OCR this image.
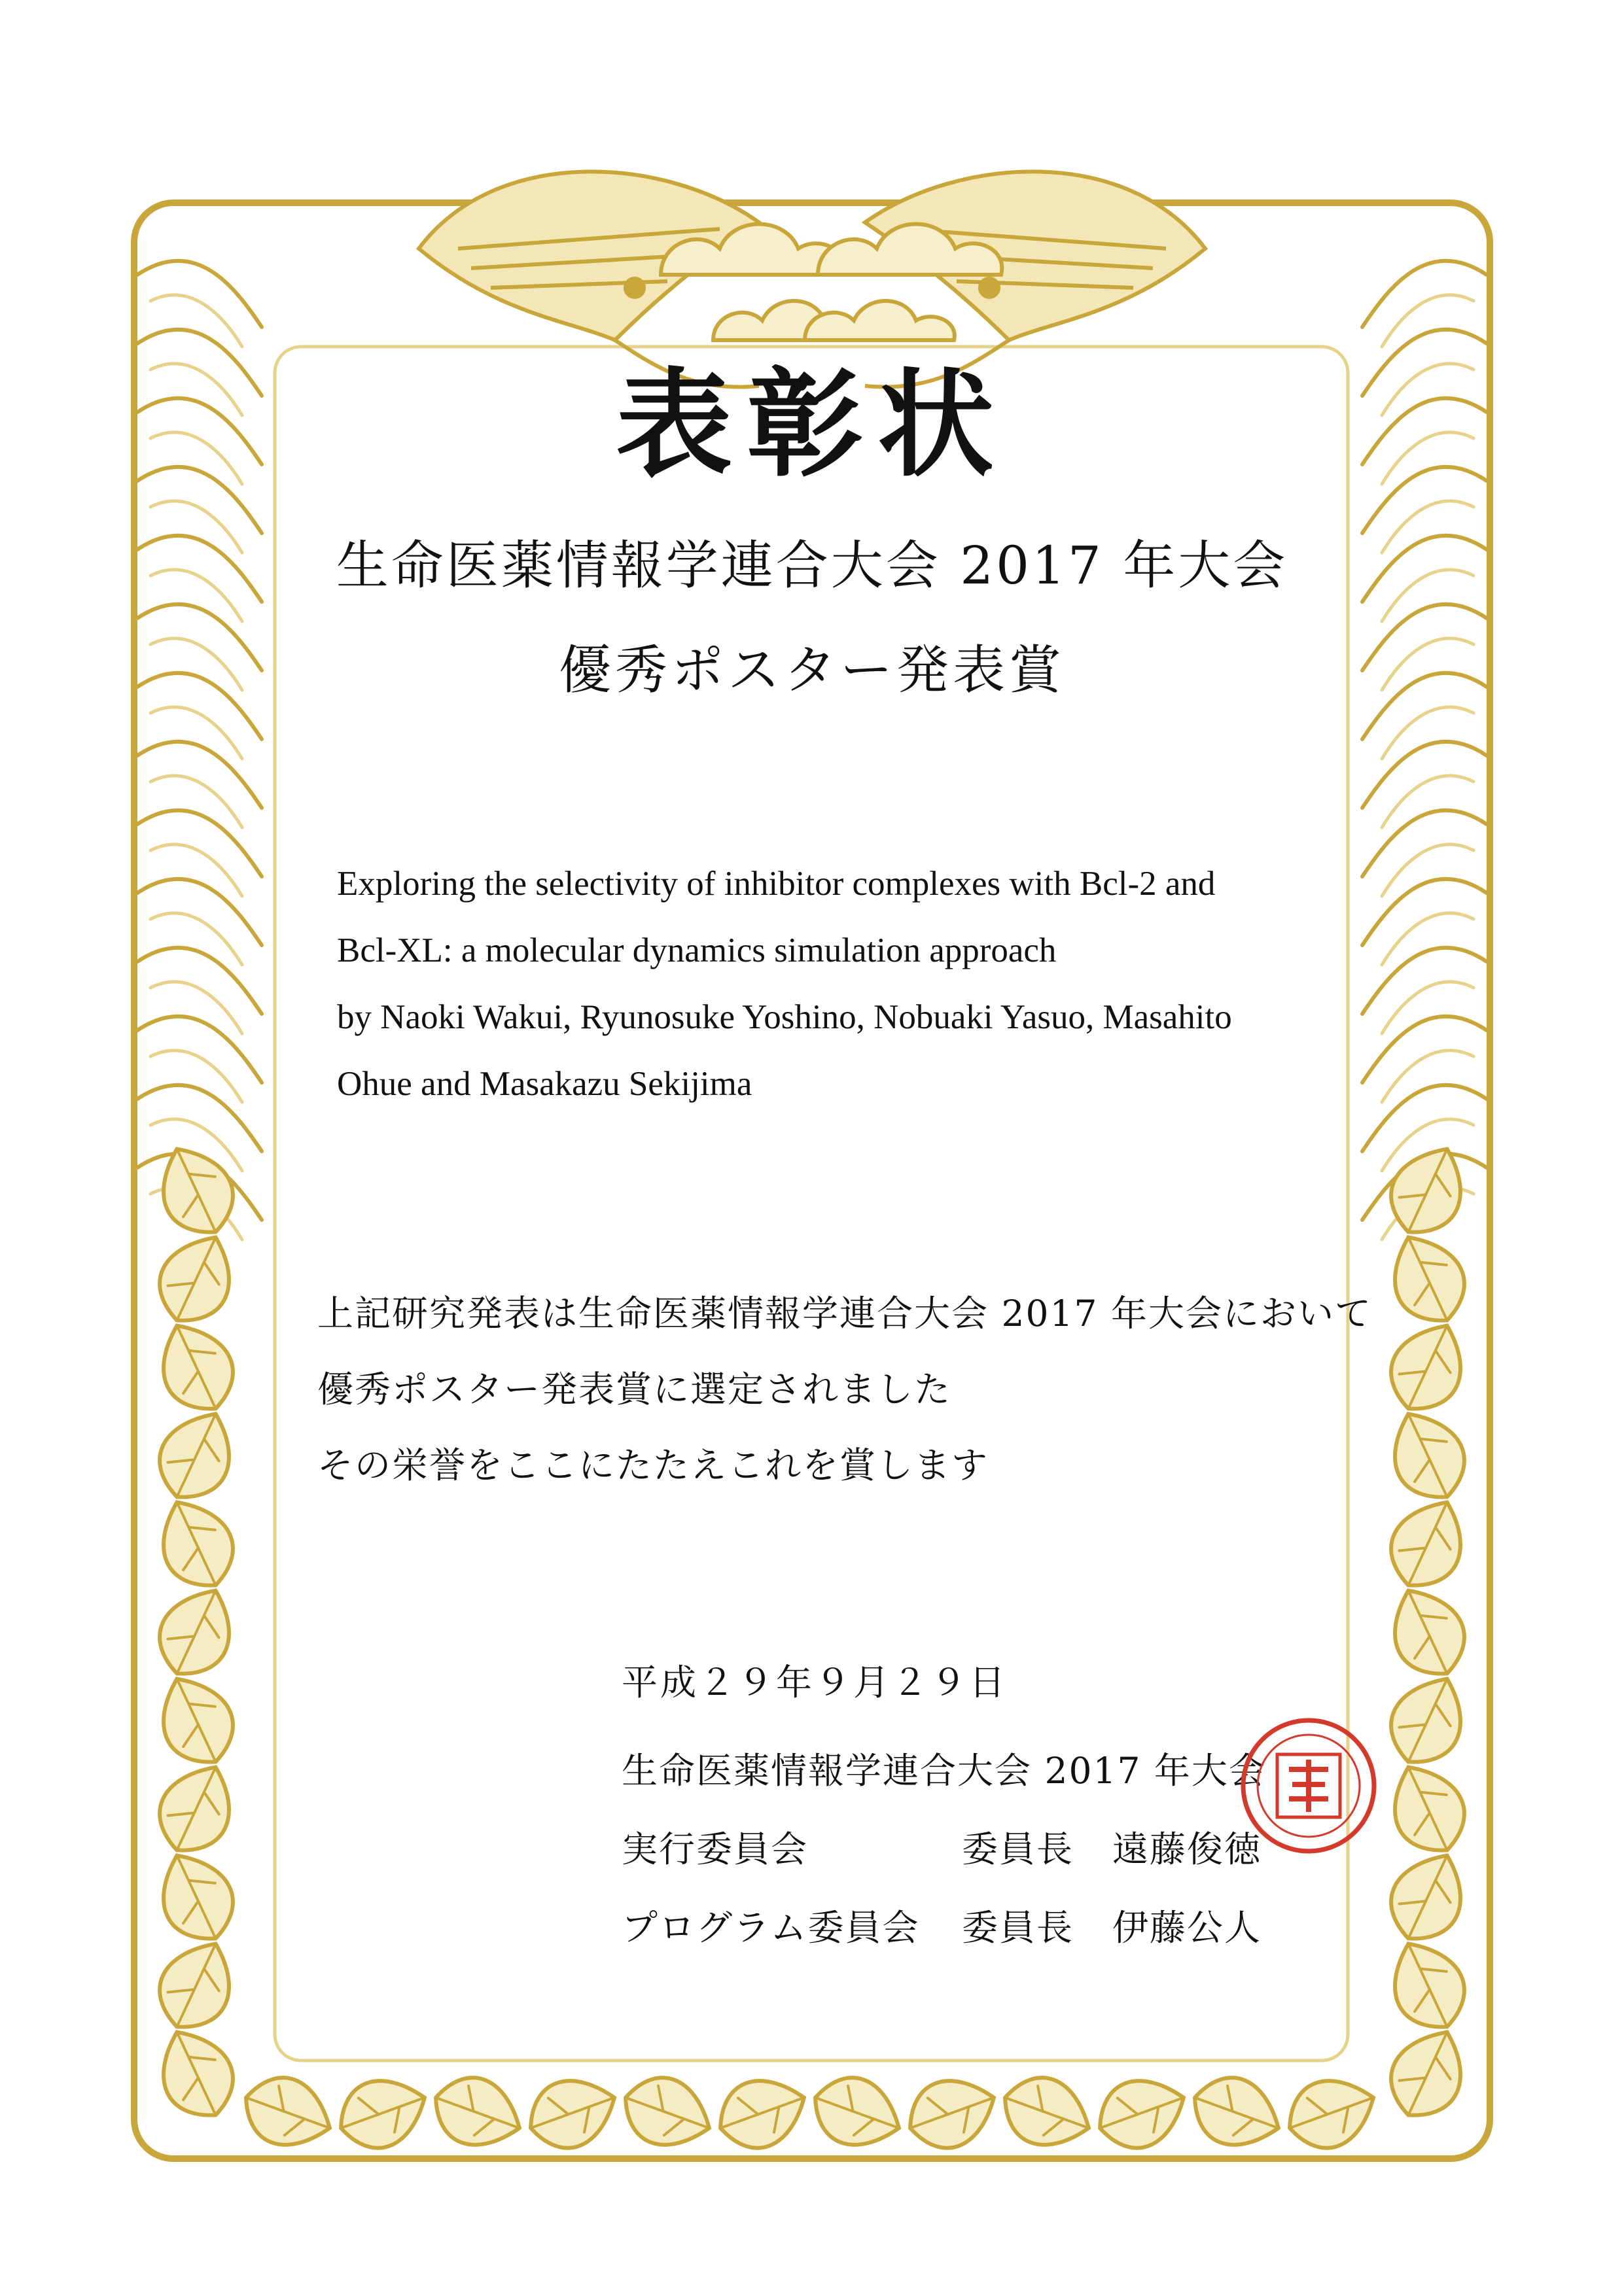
表彰状

生命医薬情報学連合大会 2017 年大会

優秀ポスター発表賞

Exploring the selectivity of inhibitor complexes with Bcl-2 and
Bcl-XL: a molecular dynamics simulation approach
by Naoki Wakui, Ryunosuke Yoshino, Nobuaki Yasuo, Masahito
Ohue and Masakazu Sekijima
上記研究発表は生命医薬情報学連合大会 2017 年大会において
優秀ポスター発表賞に選定されました
その栄誉をここにたたえこれを賞します

平成２９年９月２９日

生命医薬情報学連合大会 2017 年大会

実行委員会	委員長 遠藤俊徳

プログラム委員会 委員長 伊藤公人
